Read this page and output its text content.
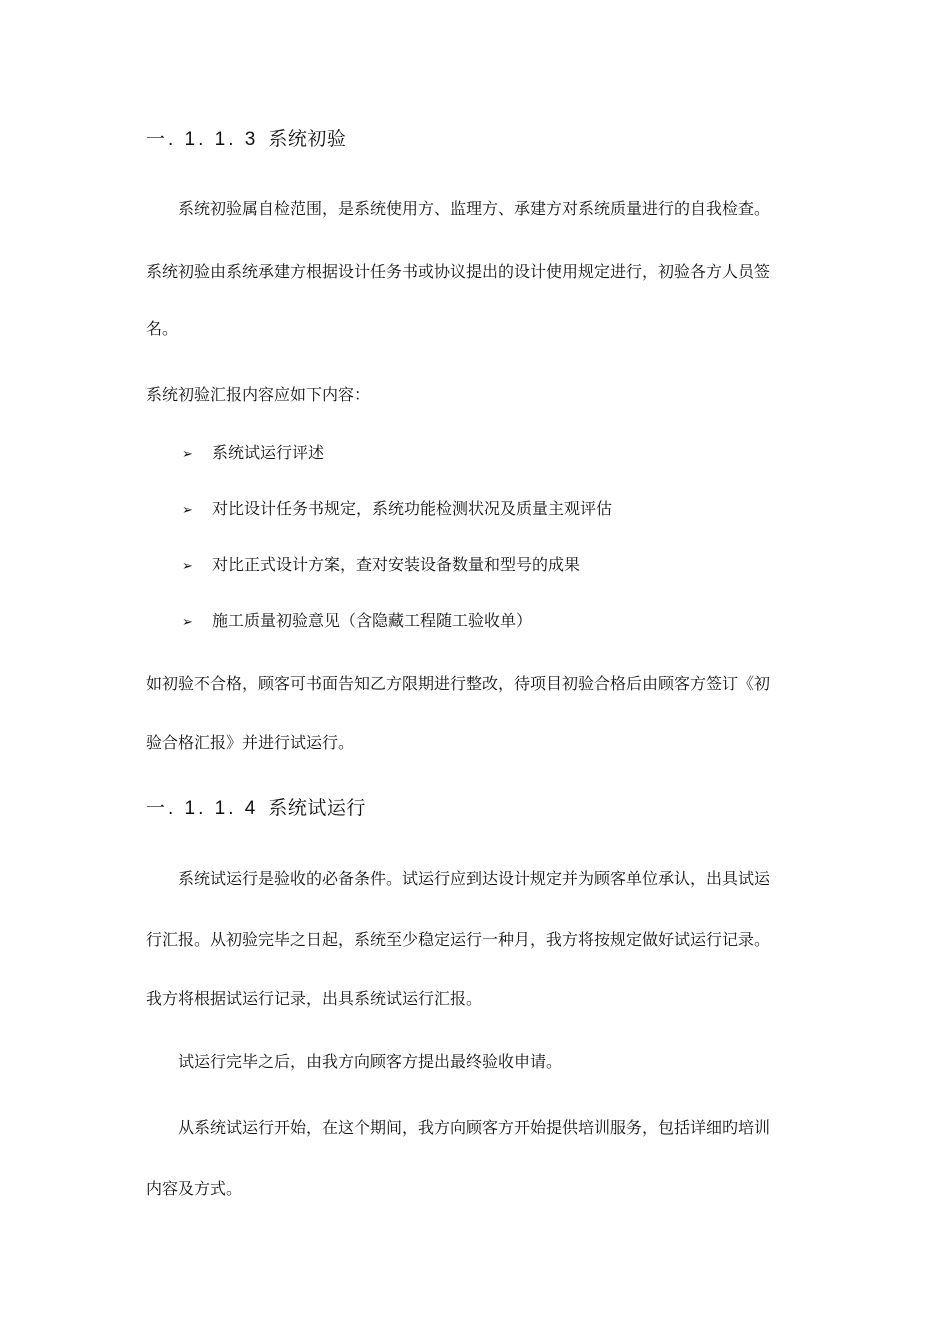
一. 1. 1. 3 系统初验
系统初验属自检范围，是系统使用方、监理方、承建方对系统质量进行的自我检查。
系统初验由系统承建方根据设计任务书或协议提出的设计使用规定进行，初验各方人员签
名。
系统初验汇报内容应如下内容：
➢ 系统试运行评述
➢ 对比设计任务书规定，系统功能检测状况及质量主观评估
➢ 对比正式设计方案，查对安装设备数量和型号的成果
➢ 施工质量初验意见（含隐藏工程随工验收单）
如初验不合格，顾客可书面告知乙方限期进行整改，待项目初验合格后由顾客方签订《初
验合格汇报》并进行试运行。
一. 1. 1. 4 系统试运行
系统试运行是验收的必备条件。试运行应到达设计规定并为顾客单位承认，出具试运
行汇报。从初验完毕之日起，系统至少稳定运行一种月，我方将按规定做好试运行记录。
我方将根据试运行记录，出具系统试运行汇报。
试运行完毕之后，由我方向顾客方提出最终验收申请。
从系统试运行开始，在这个期间，我方向顾客方开始提供培训服务，包括详细旳培训
内容及方式。
